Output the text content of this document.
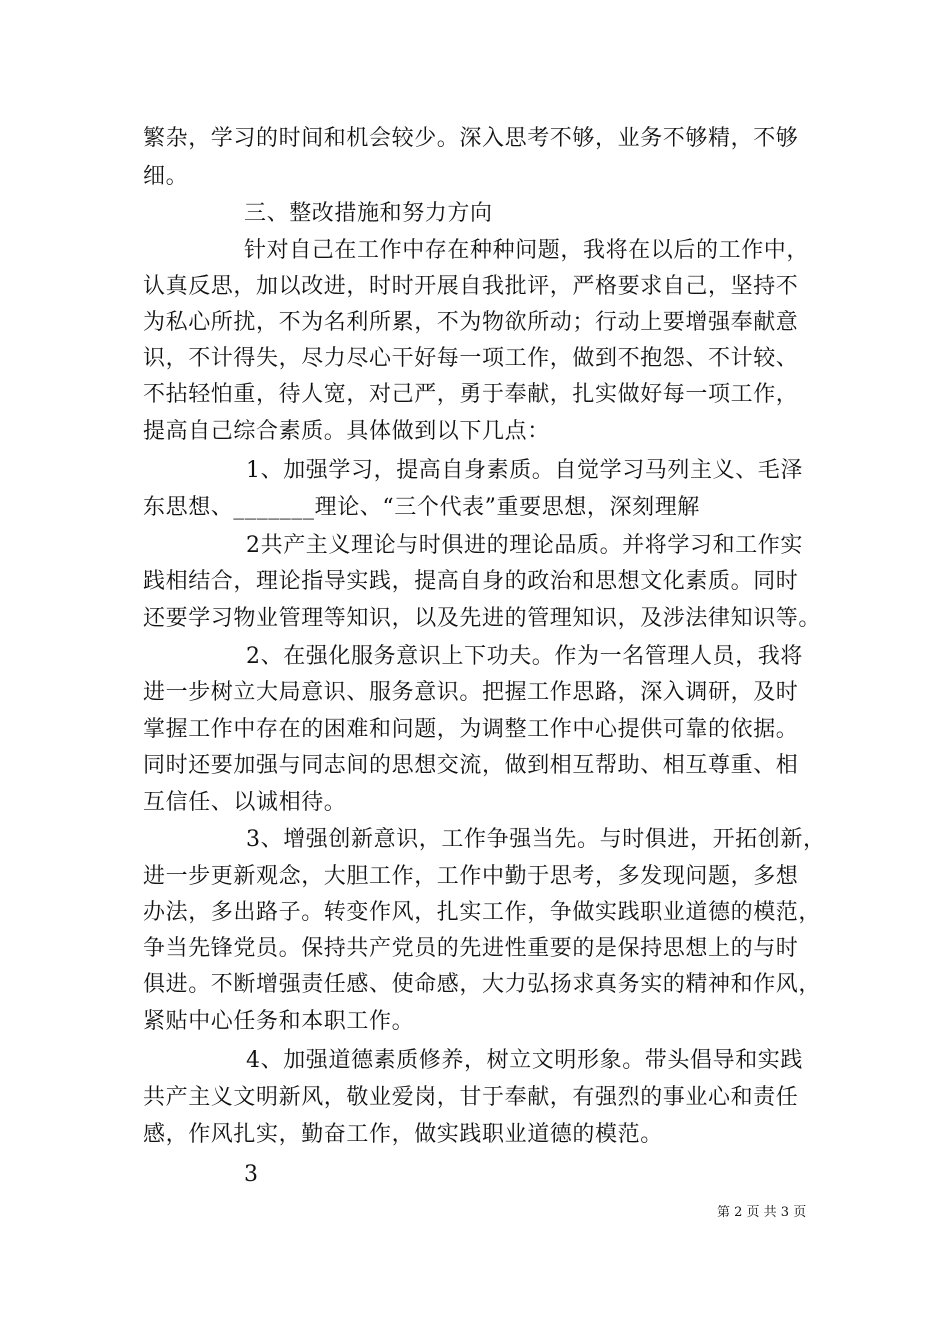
繁杂，学习的时间和机会较少。深入思考不够，业务不够精，不够
细。
三、整改措施和努力方向
针对自己在工作中存在种种问题，我将在以后的工作中，
认真反思，加以改进，时时开展自我批评，严格要求自己，坚持不
为私心所扰，不为名利所累，不为物欲所动；行动上要增强奉献意
识，不计得失，尽力尽心干好每一项工作，做到不抱怨、不计较、
不拈轻怕重，待人宽，对己严，勇于奉献，扎实做好每一项工作，
提高自己综合素质。具体做到以下几点：
1、加强学习，提高自身素质。自觉学习马列主义、毛泽
东思想、_______理论、“三个代表”重要思想，深刻理解
2共产主义理论与时俱进的理论品质。并将学习和工作实
践相结合，理论指导实践，提高自身的政治和思想文化素质。同时
还要学习物业管理等知识，以及先进的管理知识，及涉法律知识等。
2、在强化服务意识上下功夫。作为一名管理人员，我将
进一步树立大局意识、服务意识。把握工作思路，深入调研，及时
掌握工作中存在的困难和问题，为调整工作中心提供可靠的依据。
同时还要加强与同志间的思想交流，做到相互帮助、相互尊重、相
互信任、以诚相待。
3、增强创新意识，工作争强当先。与时俱进，开拓创新，
进一步更新观念，大胆工作，工作中勤于思考，多发现问题，多想
办法，多出路子。转变作风，扎实工作，争做实践职业道德的模范，
争当先锋党员。保持共产党员的先进性重要的是保持思想上的与时
俱进。不断增强责任感、使命感，大力弘扬求真务实的精神和作风，
紧贴中心任务和本职工作。
4、加强道德素质修养，树立文明形象。带头倡导和实践
共产主义文明新风，敬业爱岗，甘于奉献，有强烈的事业心和责任
感，作风扎实，勤奋工作，做实践职业道德的模范。
3
第 2 页 共 3 页
